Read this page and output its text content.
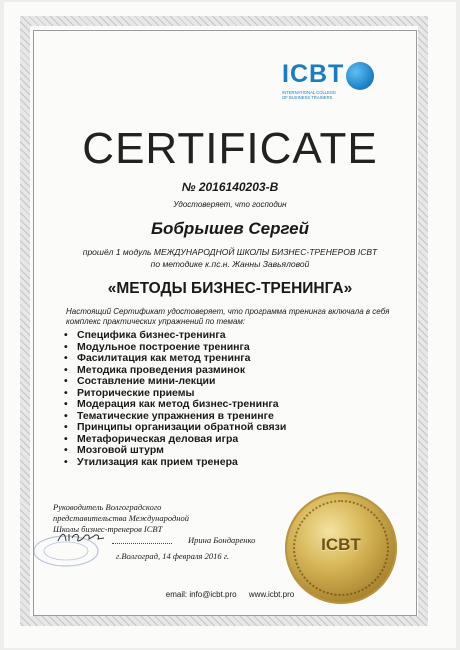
ICBT
INTERNATIONAL COLLEGE
OF BUSINESS TRAINERS
CERTIFICATE
№ 2016140203-В
Удостоверяет, что господин
Бобрышев Сергей
прошёл 1 модуль МЕЖДУНАРОДНОЙ ШКОЛЫ БИЗНЕС-ТРЕНЕРОВ ICBT
по методике к.пс.н. Жанны Завьяловой
«МЕТОДЫ БИЗНЕС-ТРЕНИНГА»
Настоящий Сертификат удостоверяет, что программа тренинга включала в себя комплекс практических упражнений по темам:
• Специфика бизнес-тренинга
• Модульное построение тренинга
• Фасилитация как метод тренинга
• Методика проведения разминок
• Составление мини-лекции
• Риторические приемы
• Модерация как метод бизнес-тренинга
• Тематические упражнения в тренинге
• Принципы организации обратной связи
• Метафорическая деловая игра
• Мозговой штурм
• Утилизация как прием тренера
Руководитель Волгоградского
представительства Международной
Школы бизнес-тренеров ICBT
Ирина Бондаренко
г.Волгоград, 14 февраля 2016 г.
ICBT
email: info@icbt.pro www.icbt.pro
